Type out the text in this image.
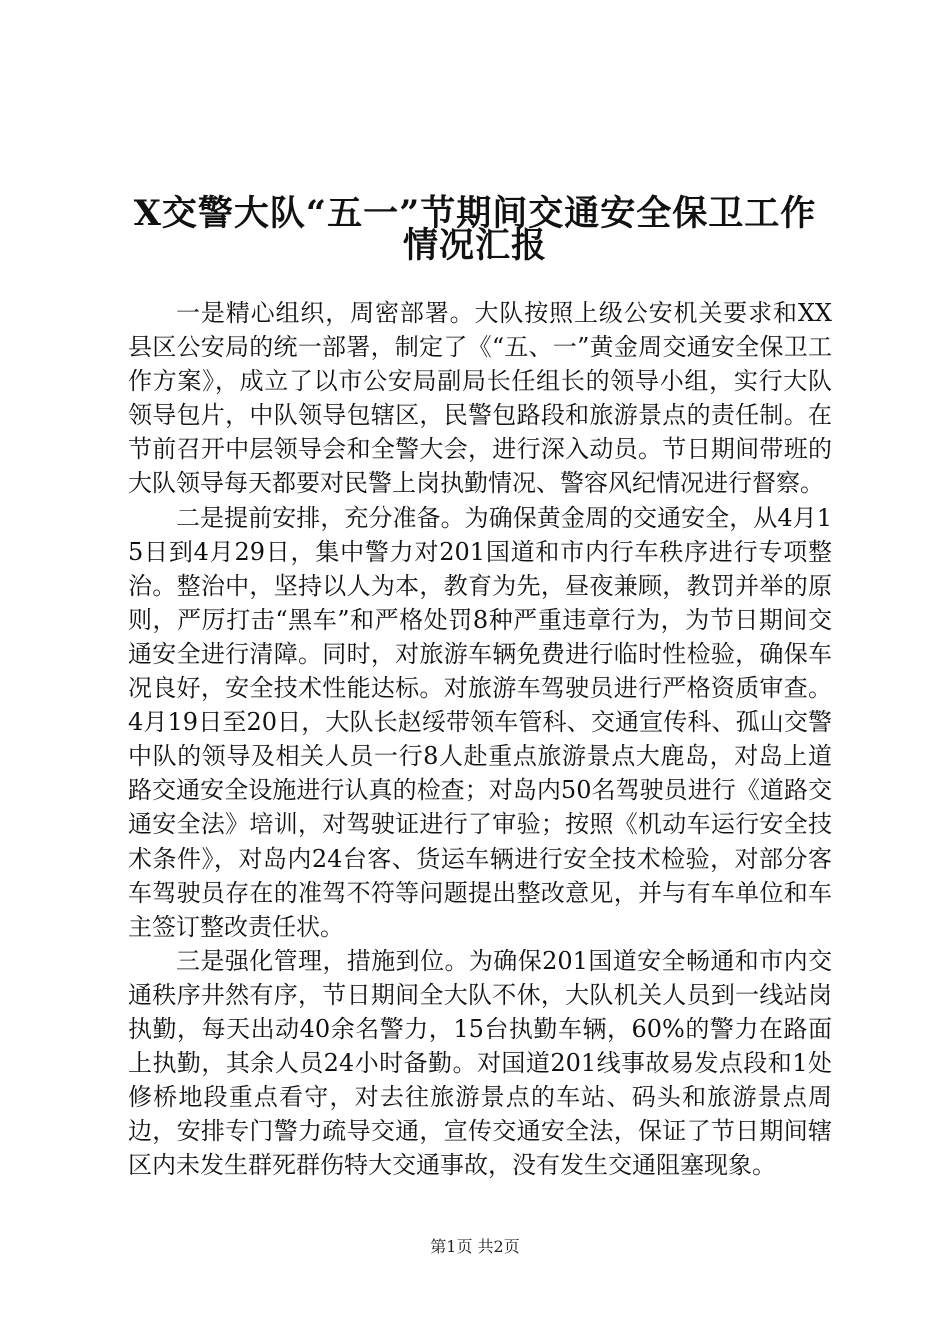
X交警大队“五一”节期间交通安全保卫工作
情况汇报

一是精心组织，周密部署。大队按照上级公安机关要求和XX县区公安局的统一部署，制定了《“五、一”黄金周交通安全保卫工作方案》，成立了以市公安局副局长任组长的领导小组，实行大队领导包片，中队领导包辖区，民警包路段和旅游景点的责任制。在节前召开中层领导会和全警大会，进行深入动员。节日期间带班的大队领导每天都要对民警上岗执勤情况、警容风纪情况进行督察。

二是提前安排，充分准备。为确保黄金周的交通安全，从4月15日到4月29日，集中警力对201国道和市内行车秩序进行专项整治。整治中，坚持以人为本，教育为先，昼夜兼顾，教罚并举的原则，严厉打击“黑车”和严格处罚8种严重违章行为，为节日期间交通安全进行清障。同时，对旅游车辆免费进行临时性检验，确保车况良好，安全技术性能达标。对旅游车驾驶员进行严格资质审查。4月19日至20日，大队长赵绥带领车管科、交通宣传科、孤山交警中队的领导及相关人员一行8人赴重点旅游景点大鹿岛，对岛上道路交通安全设施进行认真的检查；对岛内50名驾驶员进行《道路交通安全法》培训，对驾驶证进行了审验；按照《机动车运行安全技术条件》，对岛内24台客、货运车辆进行安全技术检验，对部分客车驾驶员存在的准驾不符等问题提出整改意见，并与有车单位和车主签订整改责任状。

三是强化管理，措施到位。为确保201国道安全畅通和市内交通秩序井然有序，节日期间全大队不休，大队机关人员到一线站岗执勤，每天出动40余名警力，15台执勤车辆，60%的警力在路面上执勤，其余人员24小时备勤。对国道201线事故易发点段和1处修桥地段重点看守，对去往旅游景点的车站、码头和旅游景点周边，安排专门警力疏导交通，宣传交通安全法，保证了节日期间辖区内未发生群死群伤特大交通事故，没有发生交通阻塞现象。

第1页 共2页
